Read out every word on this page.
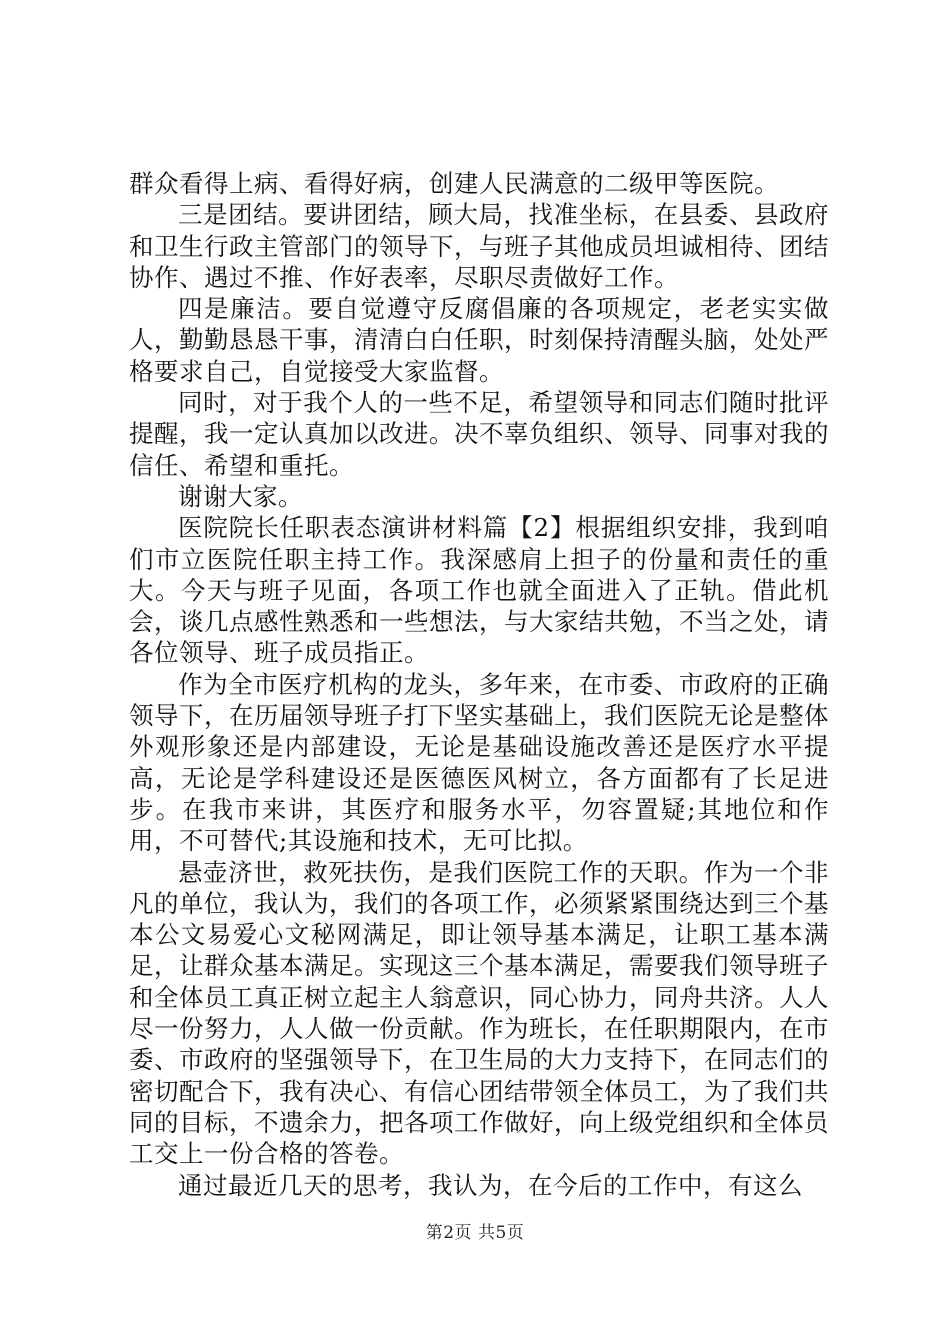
群众看得上病、看得好病，创建人民满意的二级甲等医院。

三是团结。要讲团结，顾大局，找准坐标，在县委、县政府和卫生行政主管部门的领导下，与班子其他成员坦诚相待、团结协作、遇过不推、作好表率，尽职尽责做好工作。

四是廉洁。要自觉遵守反腐倡廉的各项规定，老老实实做人，勤勤恳恳干事，清清白白任职，时刻保持清醒头脑，处处严格要求自己，自觉接受大家监督。

同时，对于我个人的一些不足，希望领导和同志们随时批评提醒，我一定认真加以改进。决不辜负组织、领导、同事对我的信任、希望和重托。

谢谢大家。

医院院长任职表态演讲材料篇【2】根据组织安排，我到咱们市立医院任职主持工作。我深感肩上担子的份量和责任的重大。今天与班子见面，各项工作也就全面进入了正轨。借此机会，谈几点感性熟悉和一些想法，与大家结共勉，不当之处，请各位领导、班子成员指正。

作为全市医疗机构的龙头，多年来，在市委、市政府的正确领导下，在历届领导班子打下坚实基础上，我们医院无论是整体外观形象还是内部建设，无论是基础设施改善还是医疗水平提高，无论是学科建设还是医德医风树立，各方面都有了长足进步。在我市来讲，其医疗和服务水平，勿容置疑;其地位和作用，不可替代;其设施和技术，无可比拟。

悬壶济世，救死扶伤，是我们医院工作的天职。作为一个非凡的单位，我认为，我们的各项工作，必须紧紧围绕达到三个基本公文易爱心文秘网满足，即让领导基本满足，让职工基本满足，让群众基本满足。实现这三个基本满足，需要我们领导班子和全体员工真正树立起主人翁意识，同心协力，同舟共济。人人尽一份努力，人人做一份贡献。作为班长，在任职期限内，在市委、市政府的坚强领导下，在卫生局的大力支持下，在同志们的密切配合下，我有决心、有信心团结带领全体员工，为了我们共同的目标，不遗余力，把各项工作做好，向上级党组织和全体员工交上一份合格的答卷。

通过最近几天的思考，我认为，在今后的工作中，有这么

第2页 共5页
